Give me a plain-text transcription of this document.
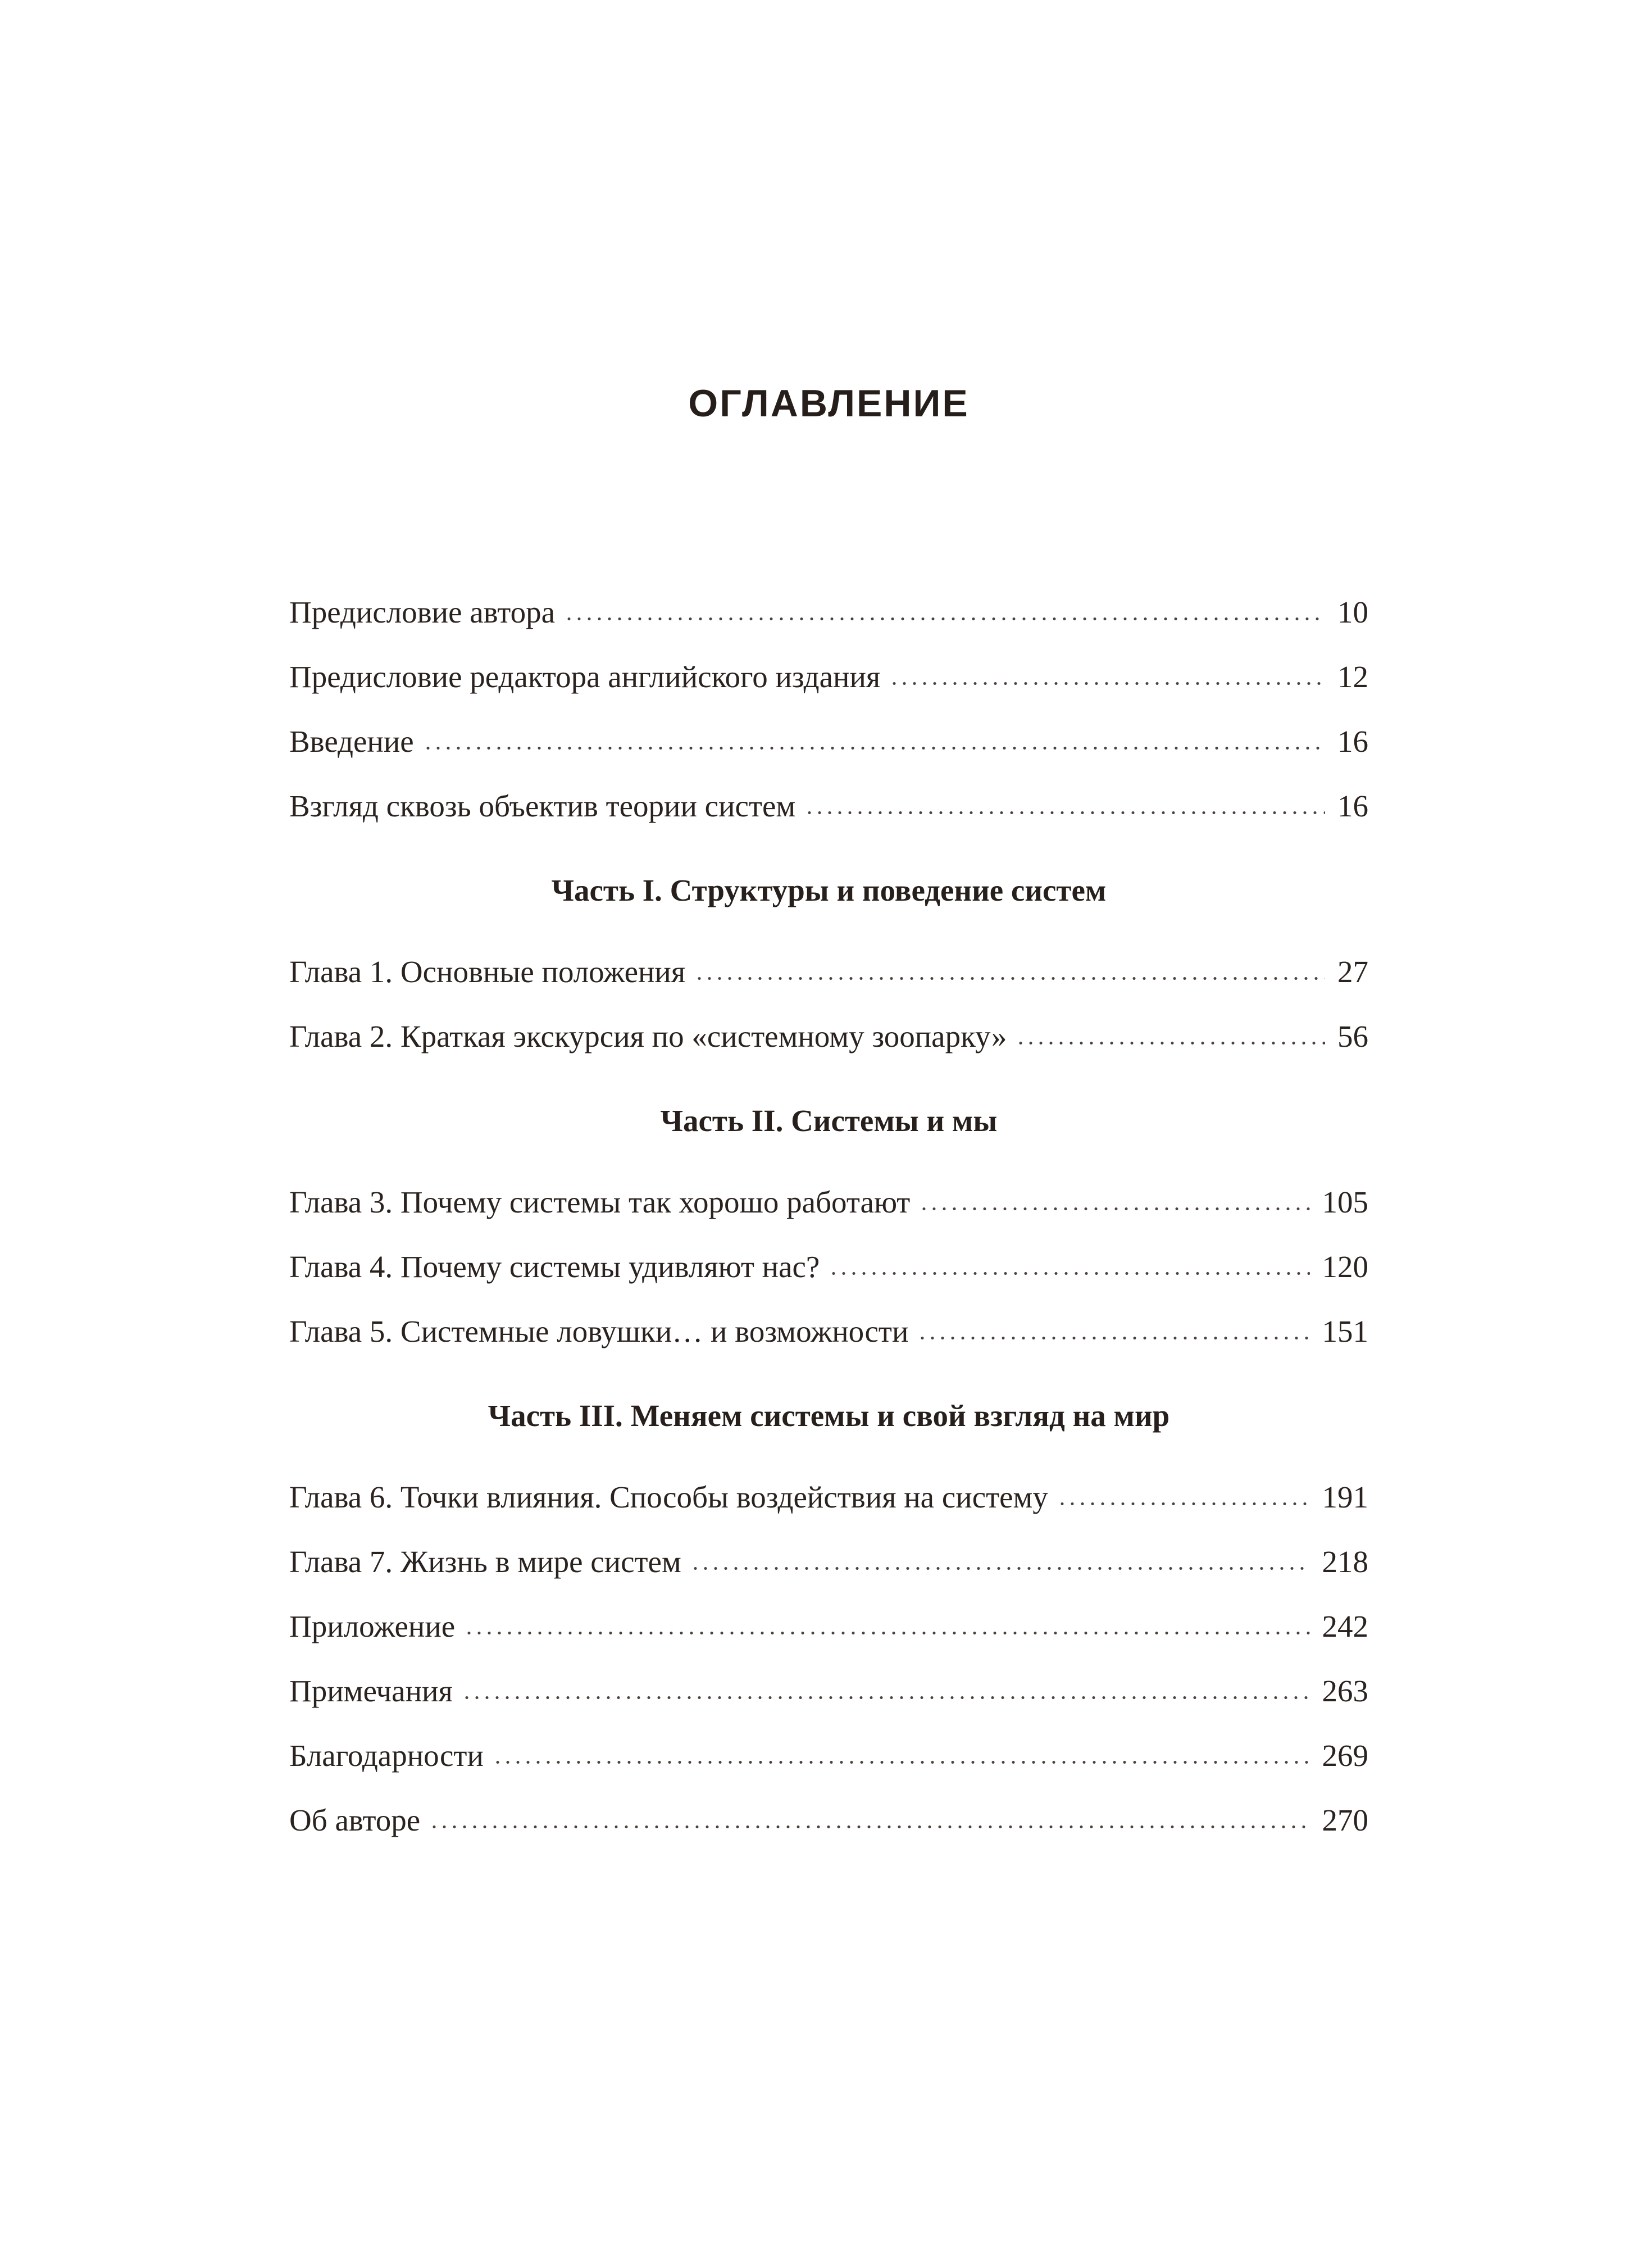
ОГЛАВЛЕНИЕ
Предисловие автора	10
Предисловие редактора английского издания	12
Введение	16
Взгляд сквозь объектив теории систем	16
Часть I. Структуры и поведение систем
Глава 1. Основные положения	27
Глава 2. Краткая экскурсия по «системному зоопарку»	56
Часть II. Системы и мы
Глава 3. Почему системы так хорошо работают	105
Глава 4. Почему системы удивляют нас?	120
Глава 5. Системные ловушки… и возможности	151
Часть III. Меняем системы и свой взгляд на мир
Глава 6. Точки влияния. Способы воздействия на систему	191
Глава 7. Жизнь в мире систем	218
Приложение	242
Примечания	263
Благодарности	269
Об авторе	270
